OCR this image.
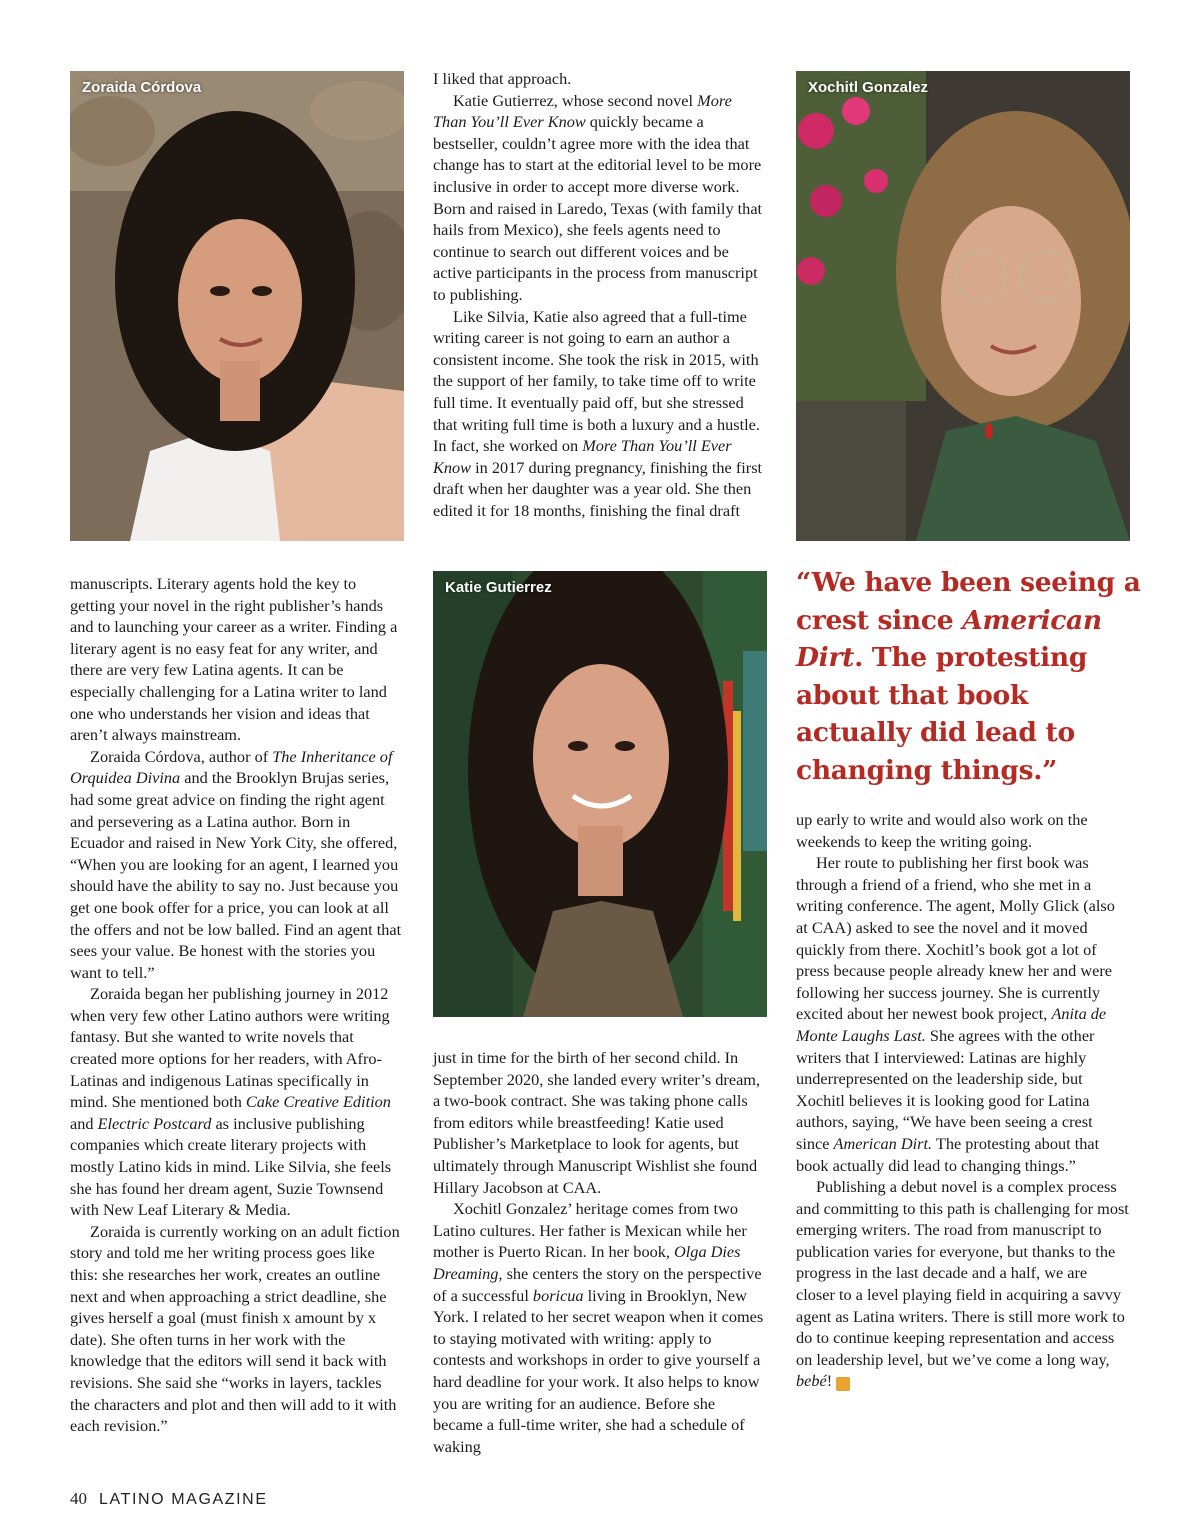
Zoraida Córdova	Xochitl Gonzalez
Katie Gutierrez

I liked that approach.

Katie Gutierrez, whose second novel More Than You’ll Ever Know quickly became a bestseller, couldn’t agree more with the idea that change has to start at the editorial level to be more inclusive in order to accept more diverse work. Born and raised in Laredo, Texas (with family that hails from Mexico), she feels agents need to continue to search out different voices and be active participants in the process from manuscript to publishing.

Like Silvia, Katie also agreed that a full-time writing career is not going to earn an author a consistent income. She took the risk in 2015, with the support of her family, to take time off to write full time. It eventually paid off, but she stressed that writing full time is both a luxury and a hustle. In fact, she worked on More Than You’ll Ever Know in 2017 during pregnancy, finishing the first draft when her daughter was a year old. She then edited it for 18 months, finishing the final draft

manuscripts. Literary agents hold the key to getting your novel in the right publisher’s hands and to launching your career as a writer. Finding a literary agent is no easy feat for any writer, and there are very few Latina agents. It can be especially challenging for a Latina writer to land one who understands her vision and ideas that aren’t always mainstream.

Zoraida Córdova, author of The Inheritance of Orquidea Divina and the Brooklyn Brujas series, had some great advice on finding the right agent and persevering as a Latina author. Born in Ecuador and raised in New York City, she offered, “When you are looking for an agent, I learned you should have the ability to say no. Just because you get one book offer for a price, you can look at all the offers and not be low balled. Find an agent that sees your value. Be honest with the stories you want to tell.”

Zoraida began her publishing journey in 2012 when very few other Latino authors were writing fantasy. But she wanted to write novels that created more options for her readers, with Afro-Latinas and indigenous Latinas specifically in mind. She mentioned both Cake Creative Edition and Electric Postcard as inclusive publishing companies which create literary projects with mostly Latino kids in mind. Like Silvia, she feels she has found her dream agent, Suzie Townsend with New Leaf Literary & Media.

Zoraida is currently working on an adult fiction story and told me her writing process goes like this: she researches her work, creates an outline next and when approaching a strict deadline, she gives herself a goal (must finish x amount by x date). She often turns in her work with the knowledge that the editors will send it back with revisions. She said she “works in layers, tackles the characters and plot and then will add to it with each revision.”

“We have been seeing a crest since American Dirt. The protesting about that book actually did lead to changing things.”

just in time for the birth of her second child. In September 2020, she landed every writer’s dream, a two-book contract. She was taking phone calls from editors while breastfeeding! Katie used Publisher’s Marketplace to look for agents, but ultimately through Manuscript Wishlist she found Hillary Jacobson at CAA.

Xochitl Gonzalez’ heritage comes from two Latino cultures. Her father is Mexican while her mother is Puerto Rican. In her book, Olga Dies Dreaming, she centers the story on the perspective of a successful boricua living in Brooklyn, New York. I related to her secret weapon when it comes to staying motivated with writing: apply to contests and workshops in order to give yourself a hard deadline for your work. It also helps to know you are writing for an audience. Before she became a full-time writer, she had a schedule of waking

up early to write and would also work on the weekends to keep the writing going.

Her route to publishing her first book was through a friend of a friend, who she met in a writing conference. The agent, Molly Glick (also at CAA) asked to see the novel and it moved quickly from there. Xochitl’s book got a lot of press because people already knew her and were following her success journey. She is currently excited about her newest book project, Anita de Monte Laughs Last. She agrees with the other writers that I interviewed: Latinas are highly underrepresented on the leadership side, but Xochitl believes it is looking good for Latina authors, saying, “We have been seeing a crest since American Dirt. The protesting about that book actually did lead to changing things.”

Publishing a debut novel is a complex process and committing to this path is challenging for most emerging writers. The road from manuscript to publication varies for everyone, but thanks to the progress in the last decade and a half, we are closer to a level playing field in acquiring a savvy agent as Latina writers. There is still more work to do to continue keeping representation and access on leadership level, but we’ve come a long way, bebé! L

40 LATINO MAGAZINE
